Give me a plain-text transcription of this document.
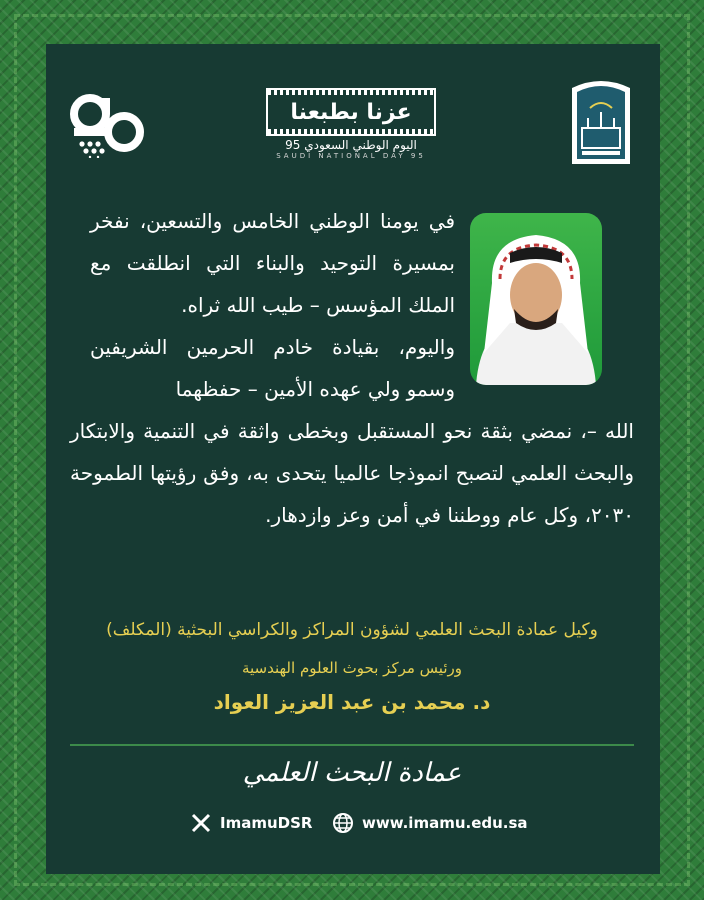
عزنا بطبعنا
اليوم الوطني السعودي 95
SAUDI NATIONAL DAY 95
في يومنا الوطني الخامس والتسعين، نفخر بمسيرة التوحيد والبناء التي انطلقت مع الملك المؤسس – طيب الله ثراه.
واليوم، بقيادة خادم الحرمين الشريفين وسمو ولي عهده الأمين – حفظهما
الله –، نمضي بثقة نحو المستقبل وبخطى واثقة في التنمية والابتكار والبحث العلمي لتصبح انموذجا عالميا يتحدى به، وفق رؤيتها الطموحة ٢٠٣٠، وكل عام ووطننا في أمن وعز وازدهار.
وكيل عمادة البحث العلمي لشؤون المراكز والكراسي البحثية (المكلف)
ورئيس مركز بحوث العلوم الهندسية
د. محمد بن عبد العزيز العواد
عمادة البحث العلمي
ImamuDSR	www.imamu.edu.sa
